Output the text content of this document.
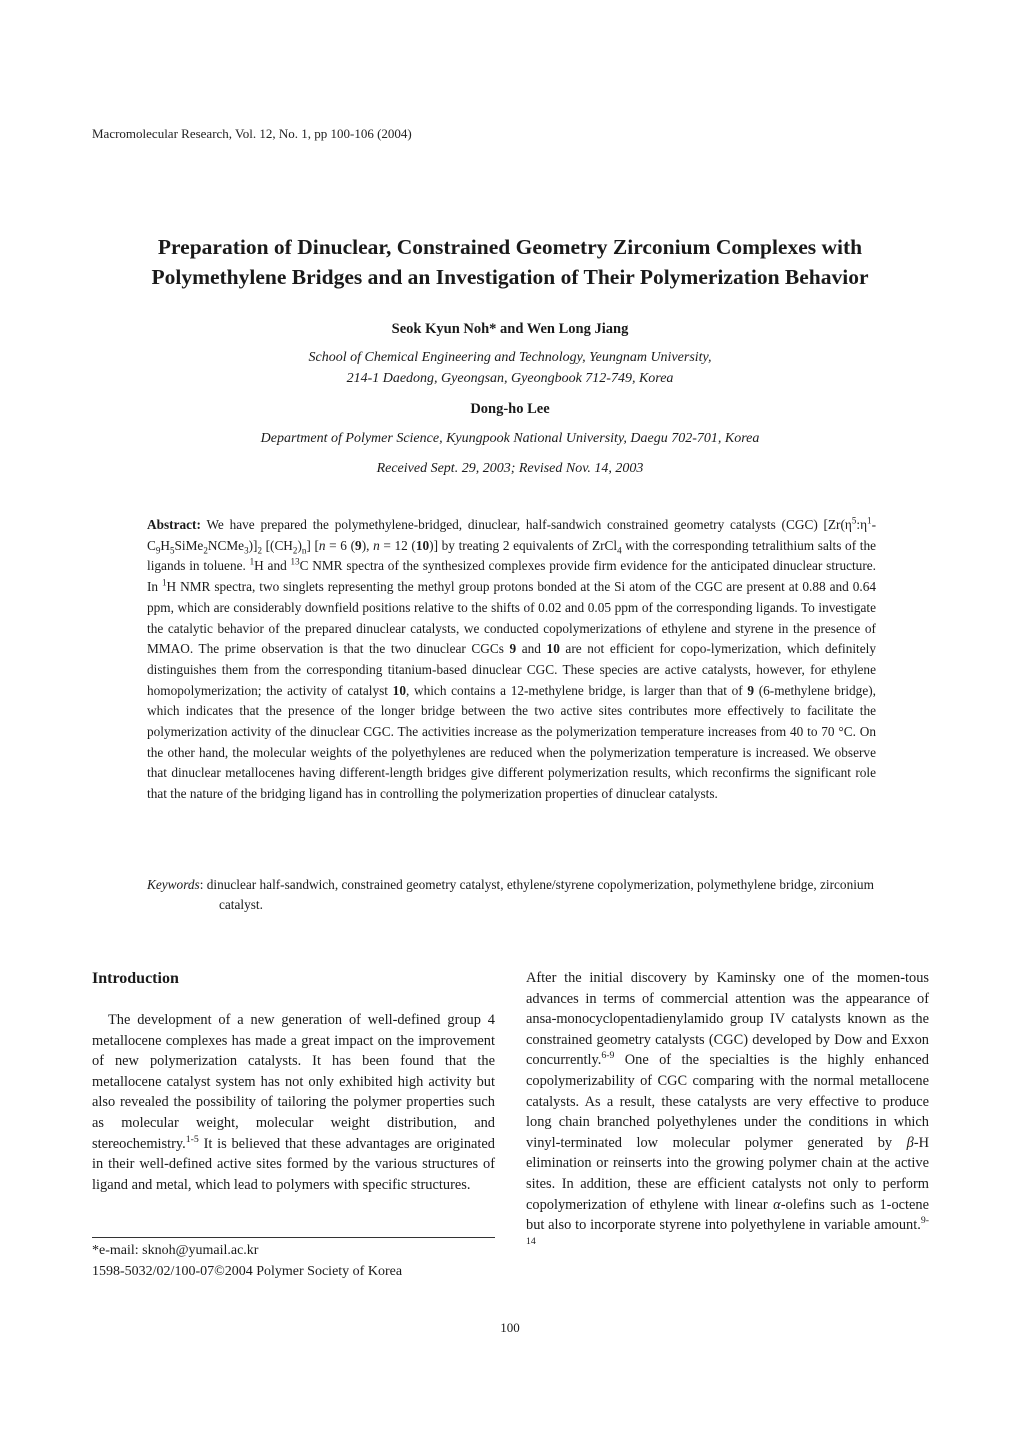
Macromolecular Research, Vol. 12, No. 1, pp 100-106 (2004)
Preparation of Dinuclear, Constrained Geometry Zirconium Complexes with
Polymethylene Bridges and an Investigation of Their Polymerization Behavior
Seok Kyun Noh* and Wen Long Jiang
School of Chemical Engineering and Technology, Yeungnam University,
214-1 Daedong, Gyeongsan, Gyeongbook 712-749, Korea
Dong-ho Lee
Department of Polymer Science, Kyungpook National University, Daegu 702-701, Korea
Received Sept. 29, 2003; Revised Nov. 14, 2003
Abstract: We have prepared the polymethylene-bridged, dinuclear, half-sandwich constrained geometry catalysts (CGC) $[Zr(\eta^5:\eta^1-C_9H_5SiMe_2NCMe_3)]_2$ $[(CH_2)_n] [n = 6$ (9), n = 12 (10)] by treating 2 equivalents of ZrCl$_4$ with the corresponding tetralithium salts of the ligands in toluene. $^1$H and $^{13}$C NMR spectra of the synthesized complexes provide firm evidence for the anticipated dinuclear structure. In $^1$H NMR spectra, two singlets representing the methyl group protons bonded at the Si atom of the CGC are present at 0.88 and 0.64 ppm, which are considerably downfield positions relative to the shifts of 0.02 and 0.05 ppm of the corresponding ligands. To investigate the catalytic behavior of the prepared dinuclear catalysts, we conducted copolymerizations of ethylene and styrene in the presence of MMAO. The prime observation is that the two dinuclear CGCs 9 and 10 are not efficient for copo-lymerization, which definitely distinguishes them from the corresponding titanium-based dinuclear CGC. These species are active catalysts, however, for ethylene homopolymerization; the activity of catalyst 10, which contains a 12-methylene bridge, is larger than that of 9 (6-methylene bridge), which indicates that the presence of the longer bridge between the two active sites contributes more effectively to facilitate the polymerization activity of the dinuclear CGC. The activities increase as the polymerization temperature increases from 40 to 70 °C. On the other hand, the molecular weights of the polyethylenes are reduced when the polymerization temperature is increased. We observe that dinuclear metallocenes having different-length bridges give different polymerization results, which reconfirms the significant role that the nature of the bridging ligand has in controlling the polymerization properties of dinuclear catalysts.
Keywords: dinuclear half-sandwich, constrained geometry catalyst, ethylene/styrene copolymerization, polymethylene bridge, zirconium catalyst.
Introduction

The development of a new generation of well-defined group 4 metallocene complexes has made a great impact on the improvement of new polymerization catalysts. It has been found that the metallocene catalyst system has not only exhibited high activity but also revealed the possibility of tailoring the polymer properties such as molecular weight, molecular weight distribution, and stereochemistry.$^{1-5}$ It is believed that these advantages are originated in their well-defined active sites formed by the various structures of ligand and metal, which lead to polymers with specific structures.

After the initial discovery by Kaminsky one of the momen-tous advances in terms of commercial attention was the appearance of ansa-monocyclopentadienylamido group IV catalysts known as the constrained geometry catalysts (CGC) developed by Dow and Exxon concurrently.$^{6-9}$ One of the specialties is the highly enhanced copolymerizability of CGC comparing with the normal metallocene catalysts. As a result, these catalysts are very effective to produce long chain branched polyethylenes under the conditions in which vinyl-terminated low molecular polymer generated by β-H elimination or reinserts into the growing polymer chain at the active sites. In addition, these are efficient catalysts not only to perform copolymerization of ethylene with linear α-olefins such as 1-octene but also to incorporate styrene into polyethylene in variable amount.$^{9-14}$

*e-mail: sknoh@yumail.ac.kr
1598-5032/02/100-07©2004 Polymer Society of Korea
100
